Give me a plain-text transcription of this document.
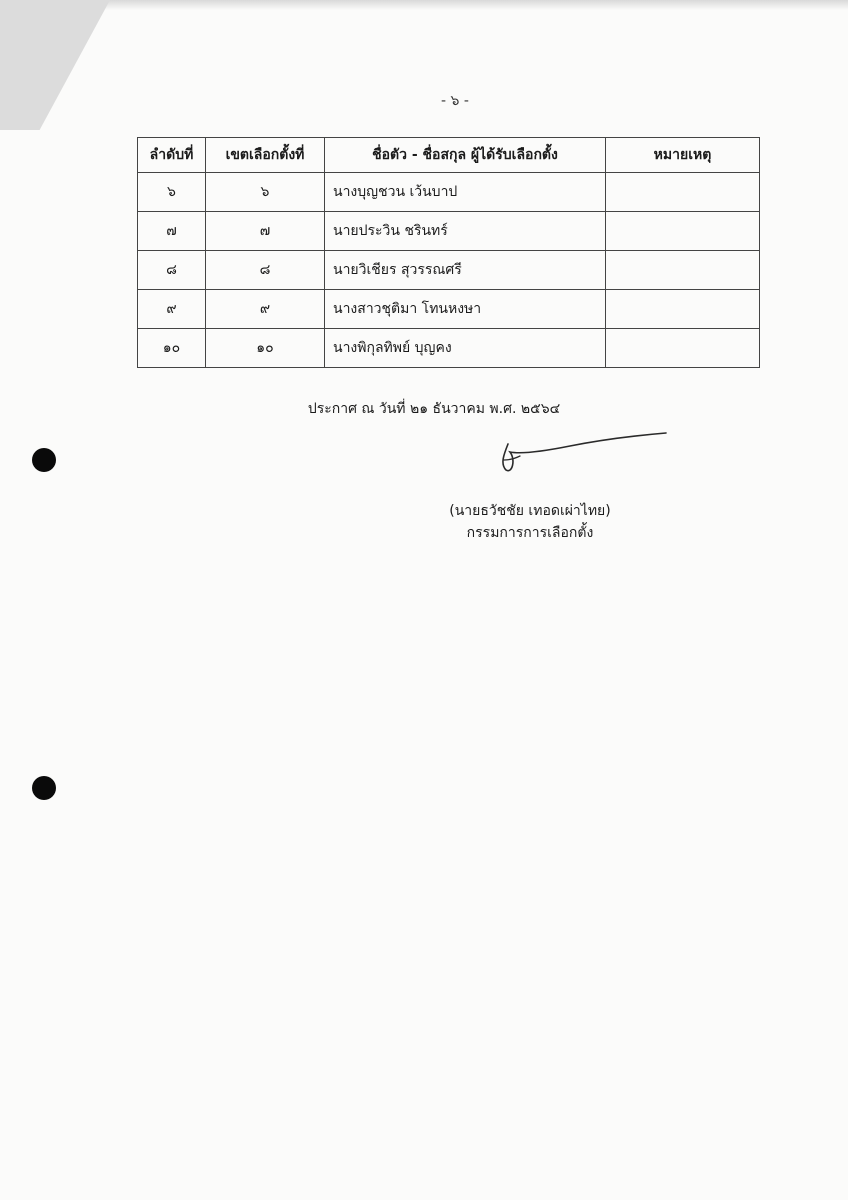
- ๖ -
ลำดับที่	เขตเลือกตั้งที่	ชื่อตัว - ชื่อสกุล ผู้ได้รับเลือกตั้ง	หมายเหตุ
๖	๖	นางบุญชวน เว้นบาป	
๗	๗	นายประวิน ชรินทร์	
๘	๘	นายวิเชียร สุวรรณศรี	
๙	๙	นางสาวชุติมา โทนหงษา	
๑๐	๑๐	นางพิกุลทิพย์ บุญคง	
ประกาศ ณ วันที่ ๒๑ ธันวาคม พ.ศ. ๒๕๖๔
(นายธวัชชัย เทอดเผ่าไทย)
กรรมการการเลือกตั้ง
